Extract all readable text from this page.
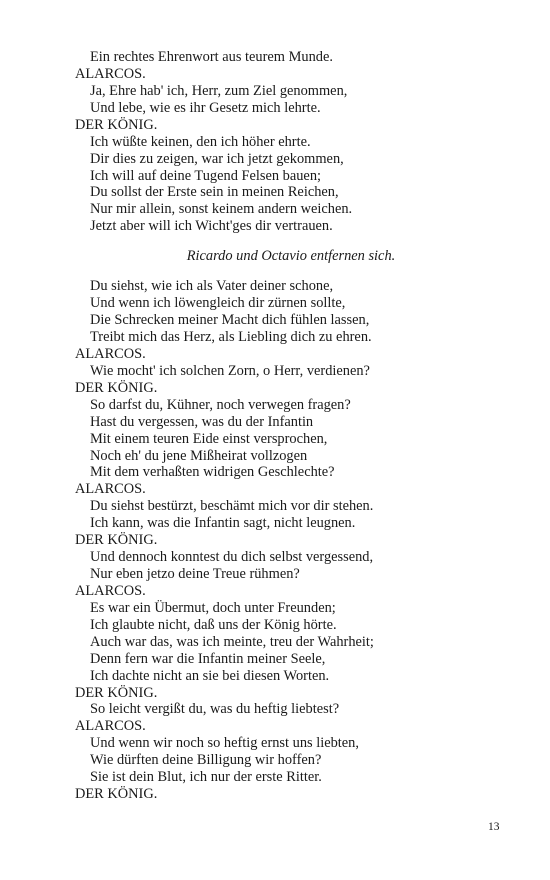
Ein rechtes Ehrenwort aus teurem Munde.
ALARCOS.
Ja, Ehre hab' ich, Herr, zum Ziel genommen,
Und lebe, wie es ihr Gesetz mich lehrte.
DER KÖNIG.
Ich wüßte keinen, den ich höher ehrte.
Dir dies zu zeigen, war ich jetzt gekommen,
Ich will auf deine Tugend Felsen bauen;
Du sollst der Erste sein in meinen Reichen,
Nur mir allein, sonst keinem andern weichen.
Jetzt aber will ich Wicht'ges dir vertrauen.
Ricardo und Octavio entfernen sich.
Du siehst, wie ich als Vater deiner schone,
Und wenn ich löwengleich dir zürnen sollte,
Die Schrecken meiner Macht dich fühlen lassen,
Treibt mich das Herz, als Liebling dich zu ehren.
ALARCOS.
Wie mocht' ich solchen Zorn, o Herr, verdienen?
DER KÖNIG.
So darfst du, Kühner, noch verwegen fragen?
Hast du vergessen, was du der Infantin
Mit einem teuren Eide einst versprochen,
Noch eh' du jene Mißheirat vollzogen
Mit dem verhaßten widrigen Geschlechte?
ALARCOS.
Du siehst bestürzt, beschämt mich vor dir stehen.
Ich kann, was die Infantin sagt, nicht leugnen.
DER KÖNIG.
Und dennoch konntest du dich selbst vergessend,
Nur eben jetzo deine Treue rühmen?
ALARCOS.
Es war ein Übermut, doch unter Freunden;
Ich glaubte nicht, daß uns der König hörte.
Auch war das, was ich meinte, treu der Wahrheit;
Denn fern war die Infantin meiner Seele,
Ich dachte nicht an sie bei diesen Worten.
DER KÖNIG.
So leicht vergißt du, was du heftig liebtest?
ALARCOS.
Und wenn wir noch so heftig ernst uns liebten,
Wie dürften deine Billigung wir hoffen?
Sie ist dein Blut, ich nur der erste Ritter.
DER KÖNIG.
13
